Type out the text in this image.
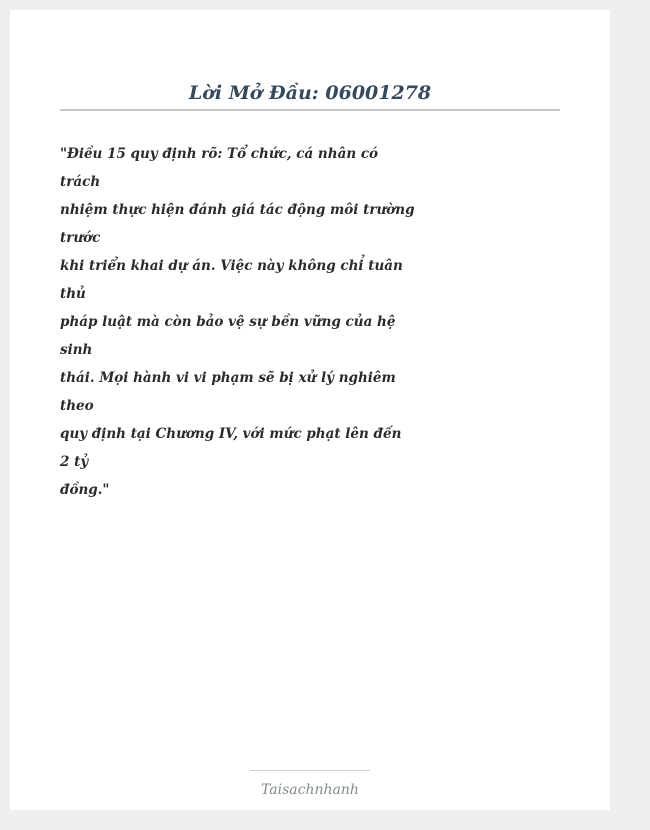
Lời Mở Đầu: 06001278
"Điều 15 quy định rõ: Tổ chức, cá nhân có
trách
nhiệm thực hiện đánh giá tác động môi trường
trước
khi triển khai dự án. Việc này không chỉ tuân
thủ
pháp luật mà còn bảo vệ sự bền vững của hệ
sinh
thái. Mọi hành vi vi phạm sẽ bị xử lý nghiêm
theo
quy định tại Chương IV, với mức phạt lên đến
2 tỷ
đồng."
Taisachnhanh
